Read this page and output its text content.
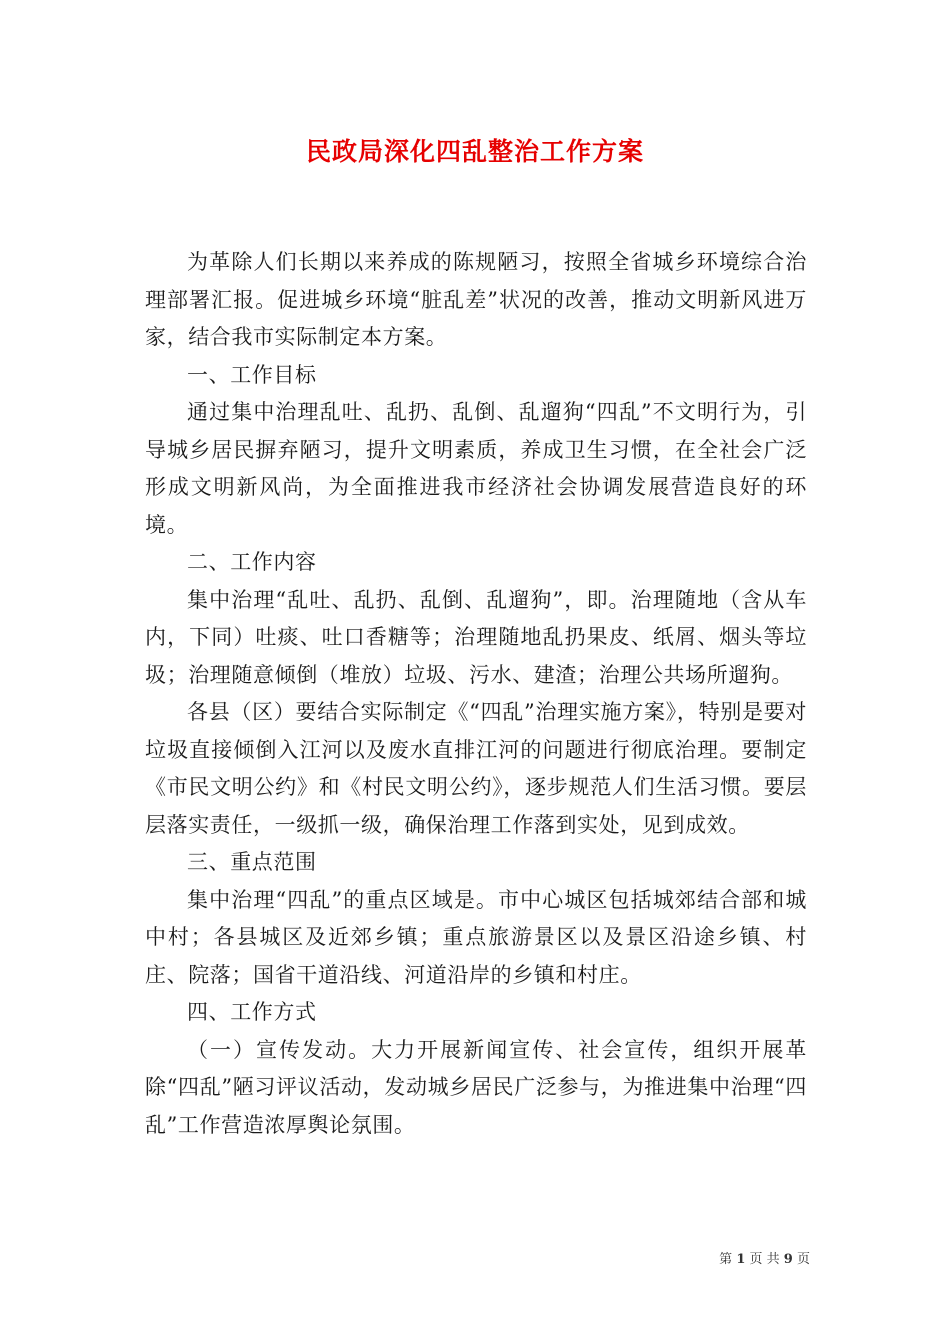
民政局深化四乱整治工作方案

为革除人们长期以来养成的陈规陋习，按照全省城乡环境综合治理部署汇报。促进城乡环境“脏乱差”状况的改善，推动文明新风进万家，结合我市实际制定本方案。

一、工作目标

通过集中治理乱吐、乱扔、乱倒、乱遛狗“四乱”不文明行为，引导城乡居民摒弃陋习，提升文明素质，养成卫生习惯，在全社会广泛形成文明新风尚，为全面推进我市经济社会协调发展营造良好的环境。

二、工作内容

集中治理“乱吐、乱扔、乱倒、乱遛狗”，即。治理随地（含从车内，下同）吐痰、吐口香糖等；治理随地乱扔果皮、纸屑、烟头等垃圾；治理随意倾倒（堆放）垃圾、污水、建渣；治理公共场所遛狗。

各县（区）要结合实际制定《“四乱”治理实施方案》，特别是要对垃圾直接倾倒入江河以及废水直排江河的问题进行彻底治理。要制定《市民文明公约》和《村民文明公约》，逐步规范人们生活习惯。要层层落实责任，一级抓一级，确保治理工作落到实处，见到成效。

三、重点范围

集中治理“四乱”的重点区域是。市中心城区包括城郊结合部和城中村；各县城区及近郊乡镇；重点旅游景区以及景区沿途乡镇、村庄、院落；国省干道沿线、河道沿岸的乡镇和村庄。

四、工作方式

（一）宣传发动。大力开展新闻宣传、社会宣传，组织开展革除“四乱”陋习评议活动，发动城乡居民广泛参与，为推进集中治理“四乱”工作营造浓厚舆论氛围。

第 1 页 共 9 页
